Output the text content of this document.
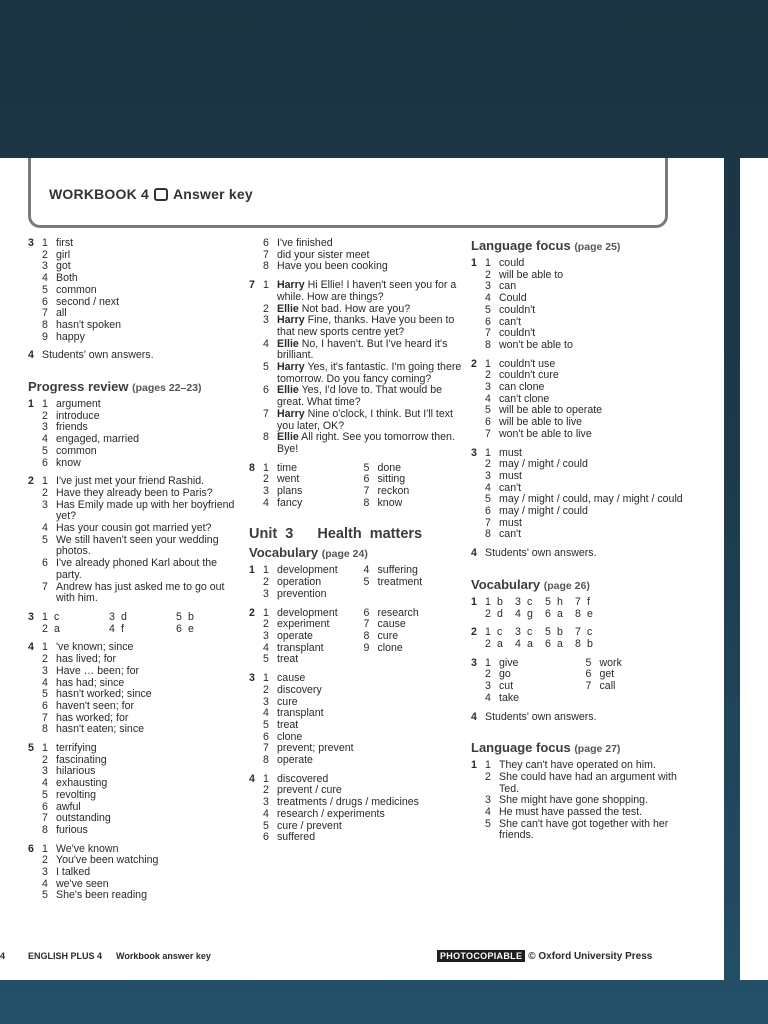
WORKBOOK 4 Answer key
3 1 first
2 girl
3 got
4 Both
5 common
6 second / next
7 all
8 hasn't spoken
9 happy
4 Students' own answers.
Progress review (pages 22–23)
1 1 argument
2 introduce
3 friends
4 engaged, married
5 common
6 know
2 1 I've just met your friend Rashid.
2 Have they already been to Paris?
3 Has Emily made up with her boyfriend yet?
4 Has your cousin got married yet?
5 We still haven't seen your wedding photos.
6 I've already phoned Karl about the party.
7 Andrew has just asked me to go out with him.
3 1 c	3 d	5 b
2 a	4 f	6 e
4 1 've known; since
2 has lived; for
3 Have … been; for
4 has had; since
5 hasn't worked; since
6 haven't seen; for
7 has worked; for
8 hasn't eaten; since
5 1 terrifying
2 fascinating
3 hilarious
4 exhausting
5 revolting
6 awful
7 outstanding
8 furious
6 1 We've known
2 You've been watching
3 I talked
4 we've seen
5 She's been reading
6 I've finished
7 did your sister meet
8 Have you been cooking
7 1 Harry Hi Ellie! I haven't seen you for a while. How are things?
2 Ellie Not bad. How are you?
3 Harry Fine, thanks. Have you been to that new sports centre yet?
4 Ellie No, I haven't. But I've heard it's brilliant.
5 Harry Yes, it's fantastic. I'm going there tomorrow. Do you fancy coming?
6 Ellie Yes, I'd love to. That would be great. What time?
7 Harry Nine o'clock, I think. But I'll text you later, OK?
8 Ellie All right. See you tomorrow then. Bye!
8 1 time	5 done
2 went	6 sitting
3 plans	7 reckon
4 fancy	8 know
Unit 3 Health matters
Vocabulary (page 24)
1 1 development	4 suffering
2 operation	5 treatment
3 prevention
2 1 development	6 research
2 experiment	7 cause
3 operate	8 cure
4 transplant	9 clone
5 treat
3 1 cause
2 discovery
3 cure
4 transplant
5 treat
6 clone
7 prevent; prevent
8 operate
4 1 discovered
2 prevent / cure
3 treatments / drugs / medicines
4 research / experiments
5 cure / prevent
6 suffered
Language focus (page 25)
1 1 could
2 will be able to
3 can
4 Could
5 couldn't
6 can't
7 couldn't
8 won't be able to
2 1 couldn't use
2 couldn't cure
3 can clone
4 can't clone
5 will be able to operate
6 will be able to live
7 won't be able to live
3 1 must
2 may / might / could
3 must
4 can't
5 may / might / could, may / might / could
6 may / might / could
7 must
8 can't
4 Students' own answers.
Vocabulary (page 26)
1 1 b	3 c	5 h	7 f
2 d	4 g	6 a	8 e
2 1 c	3 c	5 b	7 c
2 a	4 a	6 a	8 b
3 1 give	5 work
2 go	6 get
3 cut	7 call
4 take
4 Students' own answers.
Language focus (page 27)
1 1 They can't have operated on him.
2 She could have had an argument with Ted.
3 She might have gone shopping.
4 He must have passed the test.
5 She can't have got together with her friends.
4	ENGLISH PLUS 4 Workbook answer key	PHOTOCOPIABLE © Oxford University Press
